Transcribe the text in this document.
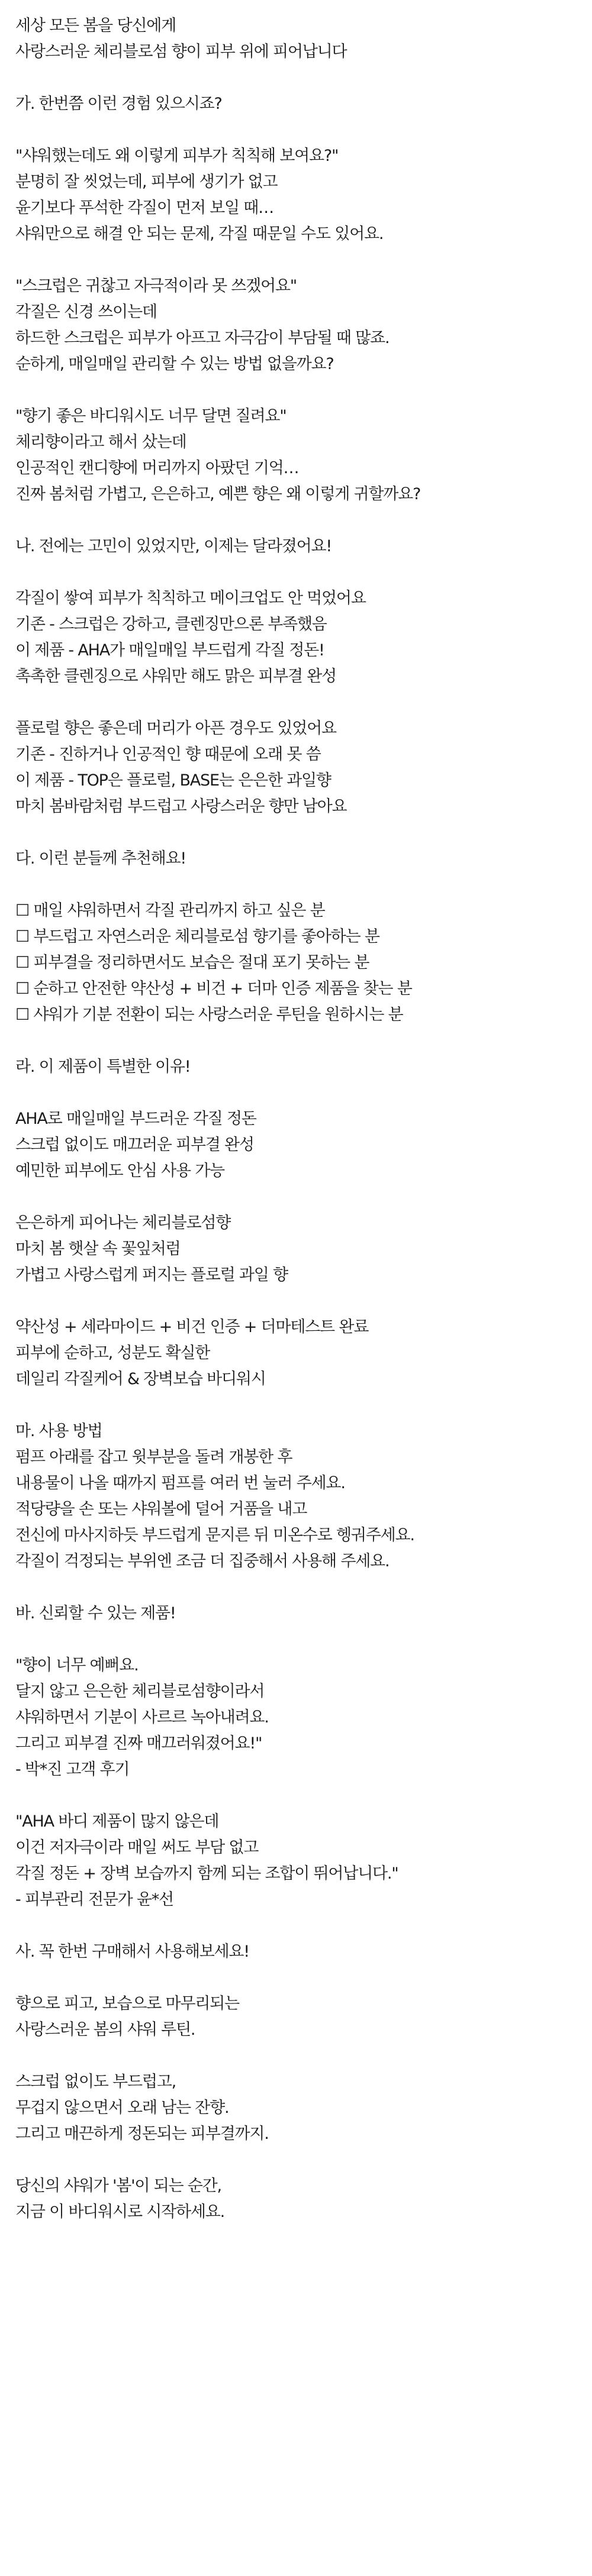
세상 모든 봄을 당신에게

사랑스러운 체리블로섬 향이 피부 위에 피어납니다

가. 한번쯤 이런 경험 있으시죠?

"샤워했는데도 왜 이렇게 피부가 칙칙해 보여요?"

분명히 잘 씻었는데, 피부에 생기가 없고

윤기보다 푸석한 각질이 먼저 보일 때…

샤워만으로 해결 안 되는 문제, 각질 때문일 수도 있어요.

"스크럽은 귀찮고 자극적이라 못 쓰겠어요"

각질은 신경 쓰이는데

하드한 스크럽은 피부가 아프고 자극감이 부담될 때 많죠.

순하게, 매일매일 관리할 수 있는 방법 없을까요?

"향기 좋은 바디워시도 너무 달면 질려요"

체리향이라고 해서 샀는데

인공적인 캔디향에 머리까지 아팠던 기억…

진짜 봄처럼 가볍고, 은은하고, 예쁜 향은 왜 이렇게 귀할까요?

나. 전에는 고민이 있었지만, 이제는 달라졌어요!

각질이 쌓여 피부가 칙칙하고 메이크업도 안 먹었어요

기존 - 스크럽은 강하고, 클렌징만으론 부족했음

이 제품 - AHA가 매일매일 부드럽게 각질 정돈!

촉촉한 클렌징으로 샤워만 해도 맑은 피부결 완성

플로럴 향은 좋은데 머리가 아픈 경우도 있었어요

기존 - 진하거나 인공적인 향 때문에 오래 못 씀

이 제품 - TOP은 플로럴, BASE는 은은한 과일향

마치 봄바람처럼 부드럽고 사랑스러운 향만 남아요

다. 이런 분들께 추천해요!

☐ 매일 샤워하면서 각질 관리까지 하고 싶은 분

☐ 부드럽고 자연스러운 체리블로섬 향기를 좋아하는 분

☐ 피부결을 정리하면서도 보습은 절대 포기 못하는 분

☐ 순하고 안전한 약산성 + 비건 + 더마 인증 제품을 찾는 분

☐ 샤워가 기분 전환이 되는 사랑스러운 루틴을 원하시는 분

라. 이 제품이 특별한 이유!

AHA로 매일매일 부드러운 각질 정돈

스크럽 없이도 매끄러운 피부결 완성

예민한 피부에도 안심 사용 가능

은은하게 피어나는 체리블로섬향

마치 봄 햇살 속 꽃잎처럼

가볍고 사랑스럽게 퍼지는 플로럴 과일 향

약산성 + 세라마이드 + 비건 인증 + 더마테스트 완료

피부에 순하고, 성분도 확실한

데일리 각질케어 & 장벽보습 바디워시

마. 사용 방법

펌프 아래를 잡고 윗부분을 돌려 개봉한 후

내용물이 나올 때까지 펌프를 여러 번 눌러 주세요.

적당량을 손 또는 샤워볼에 덜어 거품을 내고

전신에 마사지하듯 부드럽게 문지른 뒤 미온수로 헹궈주세요.

각질이 걱정되는 부위엔 조금 더 집중해서 사용해 주세요.

바. 신뢰할 수 있는 제품!

"향이 너무 예뻐요.

달지 않고 은은한 체리블로섬향이라서

샤워하면서 기분이 사르르 녹아내려요.

그리고 피부결 진짜 매끄러워졌어요!"

- 박*진 고객 후기

"AHA 바디 제품이 많지 않은데

이건 저자극이라 매일 써도 부담 없고

각질 정돈 + 장벽 보습까지 함께 되는 조합이 뛰어납니다."

- 피부관리 전문가 윤*선

사. 꼭 한번 구매해서 사용해보세요!

향으로 피고, 보습으로 마무리되는

사랑스러운 봄의 샤워 루틴.

스크럽 없이도 부드럽고,

무겁지 않으면서 오래 남는 잔향.

그리고 매끈하게 정돈되는 피부결까지.

당신의 샤워가 '봄'이 되는 순간,

지금 이 바디워시로 시작하세요.
